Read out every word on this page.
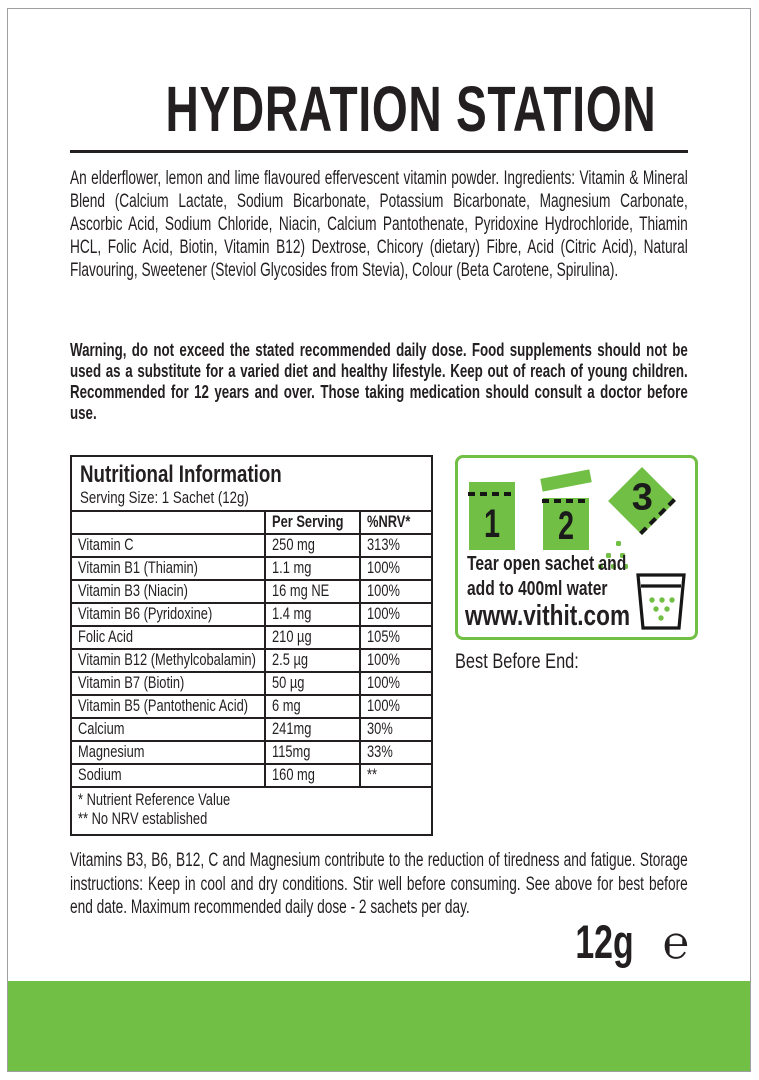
HYDRATION STATION

An elderflower, lemon and lime flavoured effervescent vitamin powder. Ingredients: Vitamin & Mineral Blend (Calcium Lactate, Sodium Bicarbonate, Potassium Bicarbonate, Magnesium Carbonate, Ascorbic Acid, Sodium Chloride, Niacin, Calcium Pantothenate, Pyridoxine Hydrochloride, Thiamin HCL, Folic Acid, Biotin, Vitamin B12) Dextrose, Chicory (dietary) Fibre, Acid (Citric Acid), Natural Flavouring, Sweetener (Steviol Glycosides from Stevia), Colour (Beta Carotene, Spirulina).

Warning, do not exceed the stated recommended daily dose. Food supplements should not be used as a substitute for a varied diet and healthy lifestyle. Keep out of reach of young children. Recommended for 12 years and over. Those taking medication should consult a doctor before use.

Nutritional Information
Serving Size: 1 Sachet (12g)
	Per Serving	%NRV*
Vitamin C	250 mg	313%
Vitamin B1 (Thiamin)	1.1 mg	100%
Vitamin B3 (Niacin)	16 mg NE	100%
Vitamin B6 (Pyridoxine)	1.4 mg	100%
Folic Acid	210 µg	105%
Vitamin B12 (Methylcobalamin)	2.5 µg	100%
Vitamin B7 (Biotin)	50 µg	100%
Vitamin B5 (Pantothenic Acid)	6 mg	100%
Calcium	241mg	30%
Magnesium	115mg	33%
Sodium	160 mg	**
* Nutrient Reference Value
** No NRV established
1 2
3
Tear open sachet and
add to 400ml water
www.vithit.com
Best Before End:

Vitamins B3, B6, B12, C and Magnesium contribute to the reduction of tiredness and fatigue. Storage instructions: Keep in cool and dry conditions. Stir well before consuming. See above for best before end date. Maximum recommended daily dose - 2 sachets per day.

12g ℮
